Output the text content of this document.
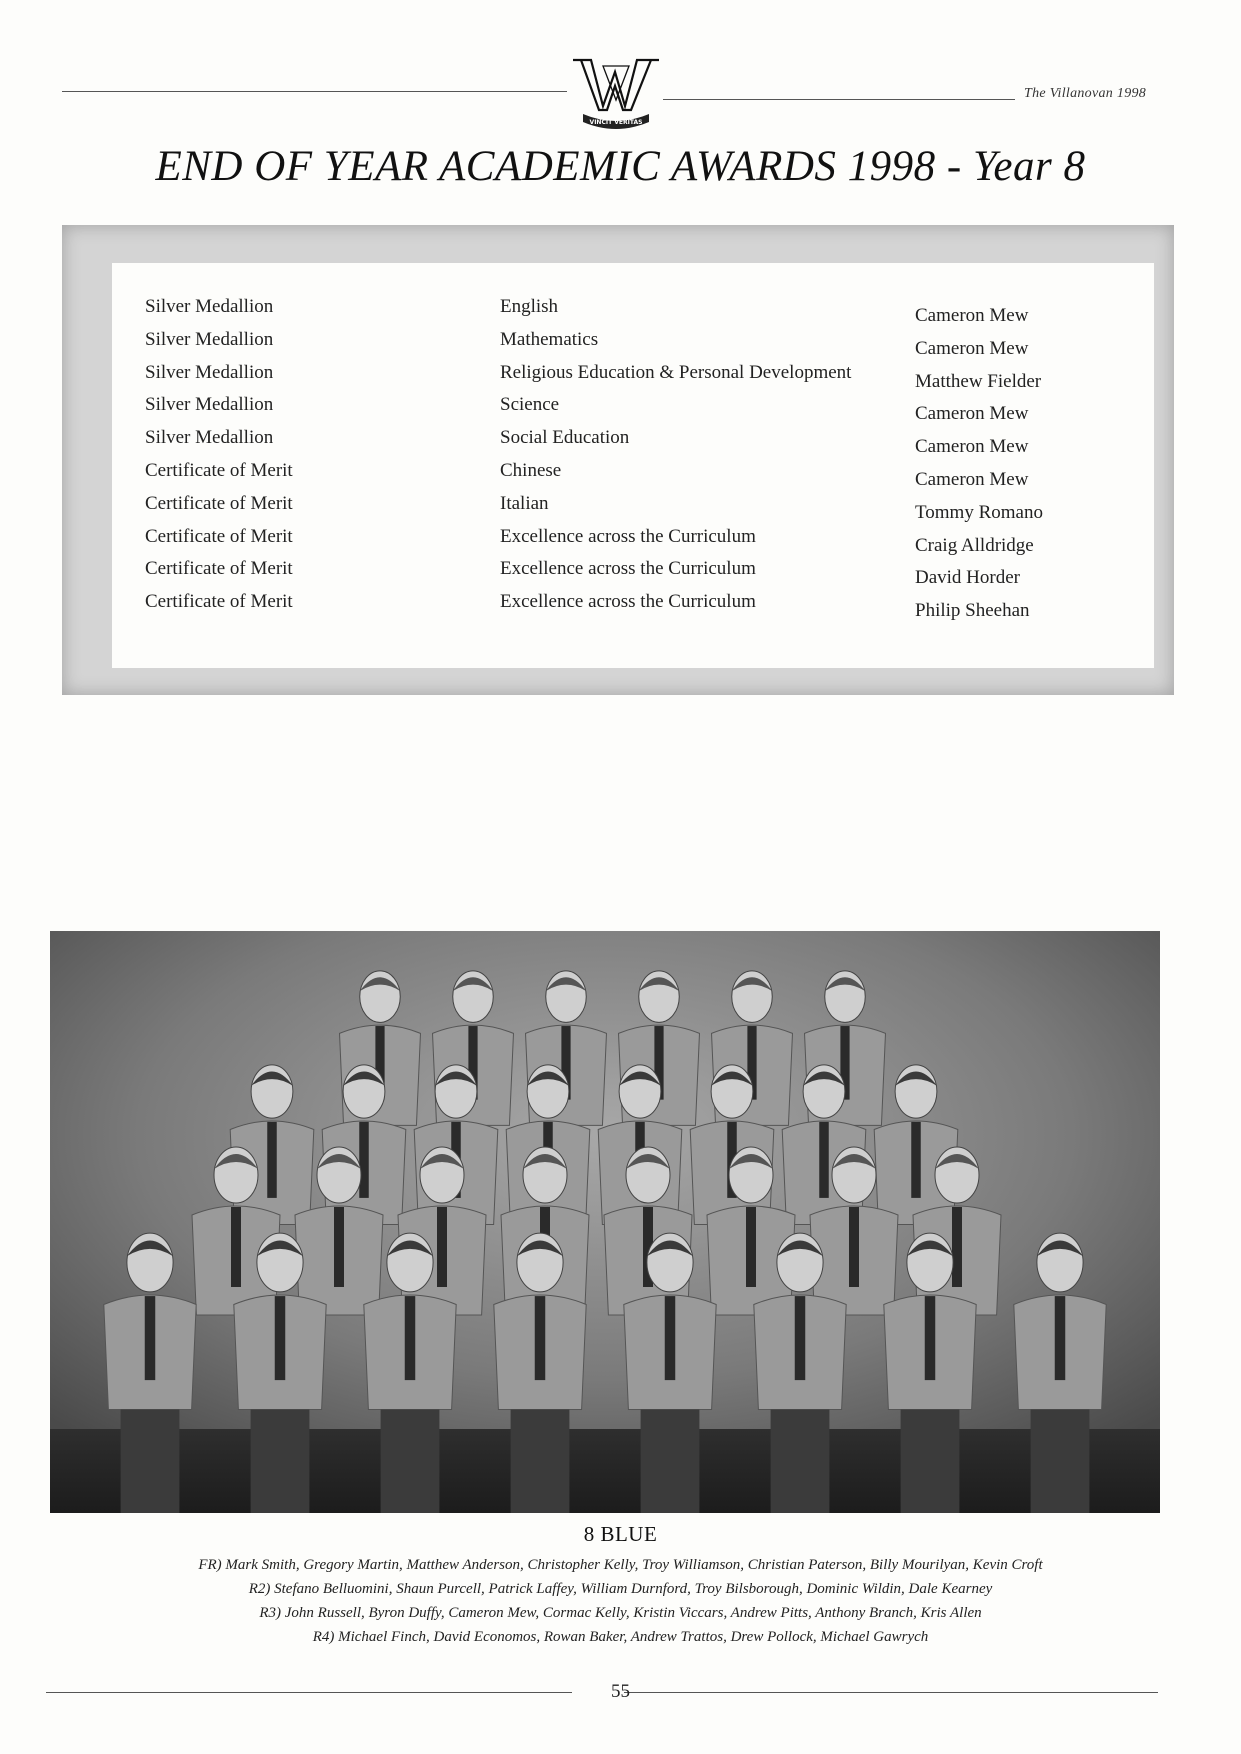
VINCIT VERITAS
The Villanovan 1998
END OF YEAR ACADEMIC AWARDS 1998 - Year 8
Silver Medallion
Silver Medallion
Silver Medallion
Silver Medallion
Silver Medallion
Certificate of Merit
Certificate of Merit
Certificate of Merit
Certificate of Merit
Certificate of Merit
English
Mathematics
Religious Education & Personal Development
Science
Social Education
Chinese
Italian
Excellence across the Curriculum
Excellence across the Curriculum
Excellence across the Curriculum
Cameron Mew
Cameron Mew
Matthew Fielder
Cameron Mew
Cameron Mew
Cameron Mew
Tommy Romano
Craig Alldridge
David Horder
Philip Sheehan
8 BLUE
FR) Mark Smith, Gregory Martin, Matthew Anderson, Christopher Kelly, Troy Williamson, Christian Paterson, Billy Mourilyan, Kevin Croft
R2) Stefano Belluomini, Shaun Purcell, Patrick Laffey, William Durnford, Troy Bilsborough, Dominic Wildin, Dale Kearney
R3) John Russell, Byron Duffy, Cameron Mew, Cormac Kelly, Kristin Viccars, Andrew Pitts, Anthony Branch, Kris Allen
R4) Michael Finch, David Economos, Rowan Baker, Andrew Trattos, Drew Pollock, Michael Gawrych
55
